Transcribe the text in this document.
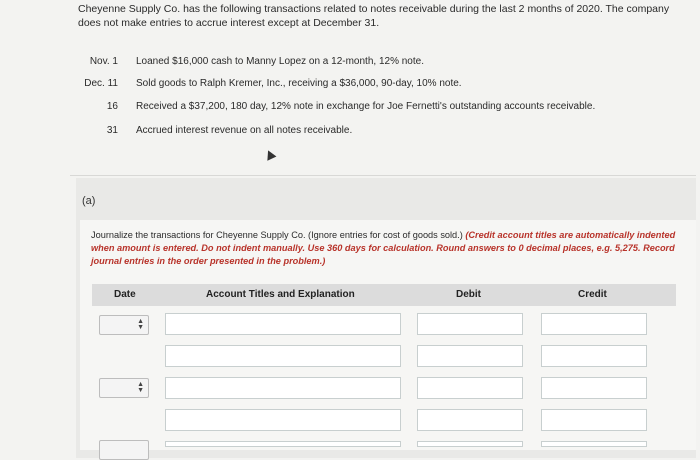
Cheyenne Supply Co. has the following transactions related to notes receivable during the last 2 months of 2020. The company does not make entries to accrue interest except at December 31.
Nov. 1 Loaned $16,000 cash to Manny Lopez on a 12-month, 12% note.
Dec. 11 Sold goods to Ralph Kremer, Inc., receiving a $36,000, 90-day, 10% note.
16 Received a $37,200, 180 day, 12% note in exchange for Joe Fernetti's outstanding accounts receivable.
31 Accrued interest revenue on all notes receivable.
(a)
Journalize the transactions for Cheyenne Supply Co. (Ignore entries for cost of goods sold.) (Credit account titles are automatically indented when amount is entered. Do not indent manually. Use 360 days for calculation. Round answers to 0 decimal places, e.g. 5,275. Record journal entries in the order presented in the problem.)
Date	Account Titles and Explanation	Debit	Credit
▲
▼
▲
▼
